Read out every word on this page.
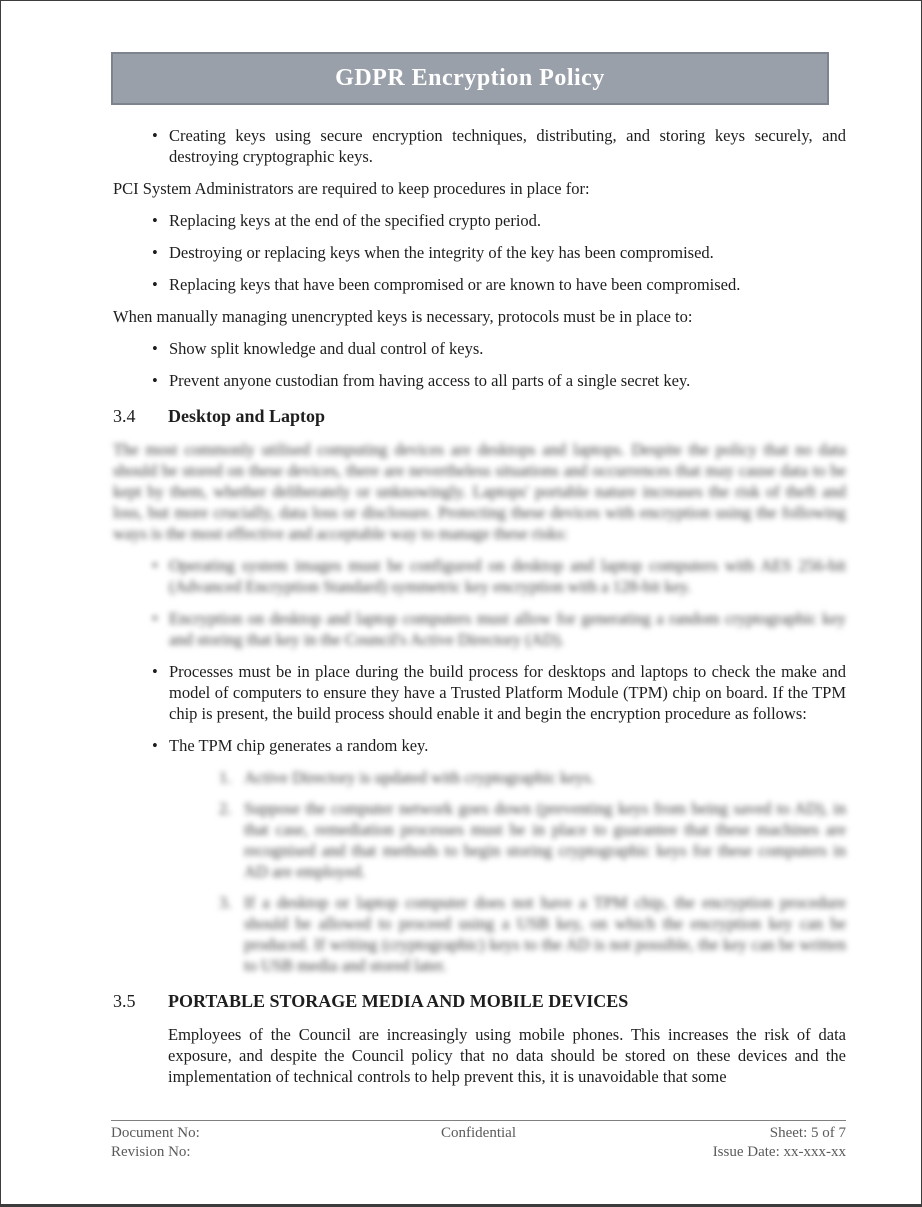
GDPR Encryption Policy
• Creating keys using secure encryption techniques, distributing, and storing keys securely, and destroying cryptographic keys.

PCI System Administrators are required to keep procedures in place for:

• Replacing keys at the end of the specified crypto period.
• Destroying or replacing keys when the integrity of the key has been compromised.
• Replacing keys that have been compromised or are known to have been compromised.

When manually managing unencrypted keys is necessary, protocols must be in place to:

• Show split knowledge and dual control of keys.
• Prevent anyone custodian from having access to all parts of a single secret key.
3.4	Desktop and Laptop

The most commonly utilised computing devices are desktops and laptops. Despite the policy that no data should be stored on these devices, there are nevertheless situations and occurrences that may cause data to be kept by them, whether deliberately or unknowingly. Laptops' portable nature increases the risk of theft and loss, but more crucially, data loss or disclosure. Protecting these devices with encryption using the following ways is the most effective and acceptable way to manage these risks:

• Operating system images must be configured on desktop and laptop computers with AES 256-bit (Advanced Encryption Standard) symmetric key encryption with a 128-bit key.
• Encryption on desktop and laptop computers must allow for generating a random cryptographic key and storing that key in the Council's Active Directory (AD).
• Processes must be in place during the build process for desktops and laptops to check the make and model of computers to ensure they have a Trusted Platform Module (TPM) chip on board. If the TPM chip is present, the build process should enable it and begin the encryption procedure as follows:
• The TPM chip generates a random key.
1. Active Directory is updated with cryptographic keys.
2. Suppose the computer network goes down (preventing keys from being saved to AD), in that case, remediation processes must be in place to guarantee that these machines are recognised and that methods to begin storing cryptographic keys for these computers in AD are employed.
3. If a desktop or laptop computer does not have a TPM chip, the encryption procedure should be allowed to proceed using a USB key, on which the encryption key can be produced. If writing (cryptographic) keys to the AD is not possible, the key can be written to USB media and stored later.
3.5	PORTABLE STORAGE MEDIA AND MOBILE DEVICES

Employees of the Council are increasingly using mobile phones. This increases the risk of data exposure, and despite the Council policy that no data should be stored on these devices and the implementation of technical controls to help prevent this, it is unavoidable that some

Document No:	Confidential	Sheet: 5 of 7
Revision No:	Issue Date: xx-xxx-xx
